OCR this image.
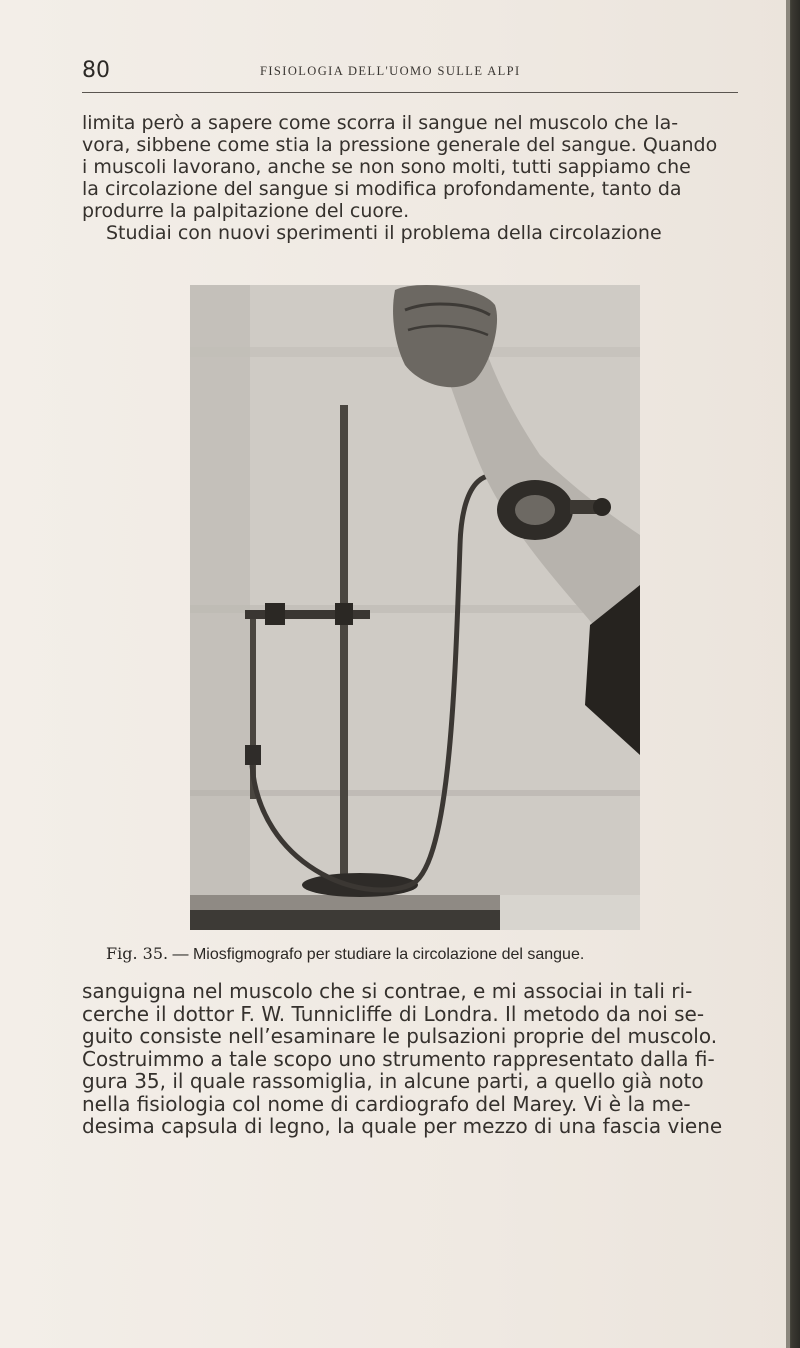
80	FISIOLOGIA DELL'UOMO SULLE ALPI
limita però a sapere come scorra il sangue nel muscolo che la-
vora, sibbene come stia la pressione generale del sangue. Quando
i muscoli lavorano, anche se non sono molti, tutti sappiamo che
la circolazione del sangue si modifica profondamente, tanto da
produrre la palpitazione del cuore.
Studiai con nuovi sperimenti il problema della circolazione
Fig. 35. — Miosfigmografo per studiare la circolazione del sangue.
sanguigna nel muscolo che si contrae, e mi associai in tali ri-
cerche il dottor F. W. Tunnicliffe di Londra. Il metodo da noi se-
guito consiste nell’esaminare le pulsazioni proprie del muscolo.
Costruimmo a tale scopo uno strumento rappresentato dalla fi-
gura 35, il quale rassomiglia, in alcune parti, a quello già noto
nella fisiologia col nome di cardiografo del Marey. Vi è la me-
desima capsula di legno, la quale per mezzo di una fascia viene
